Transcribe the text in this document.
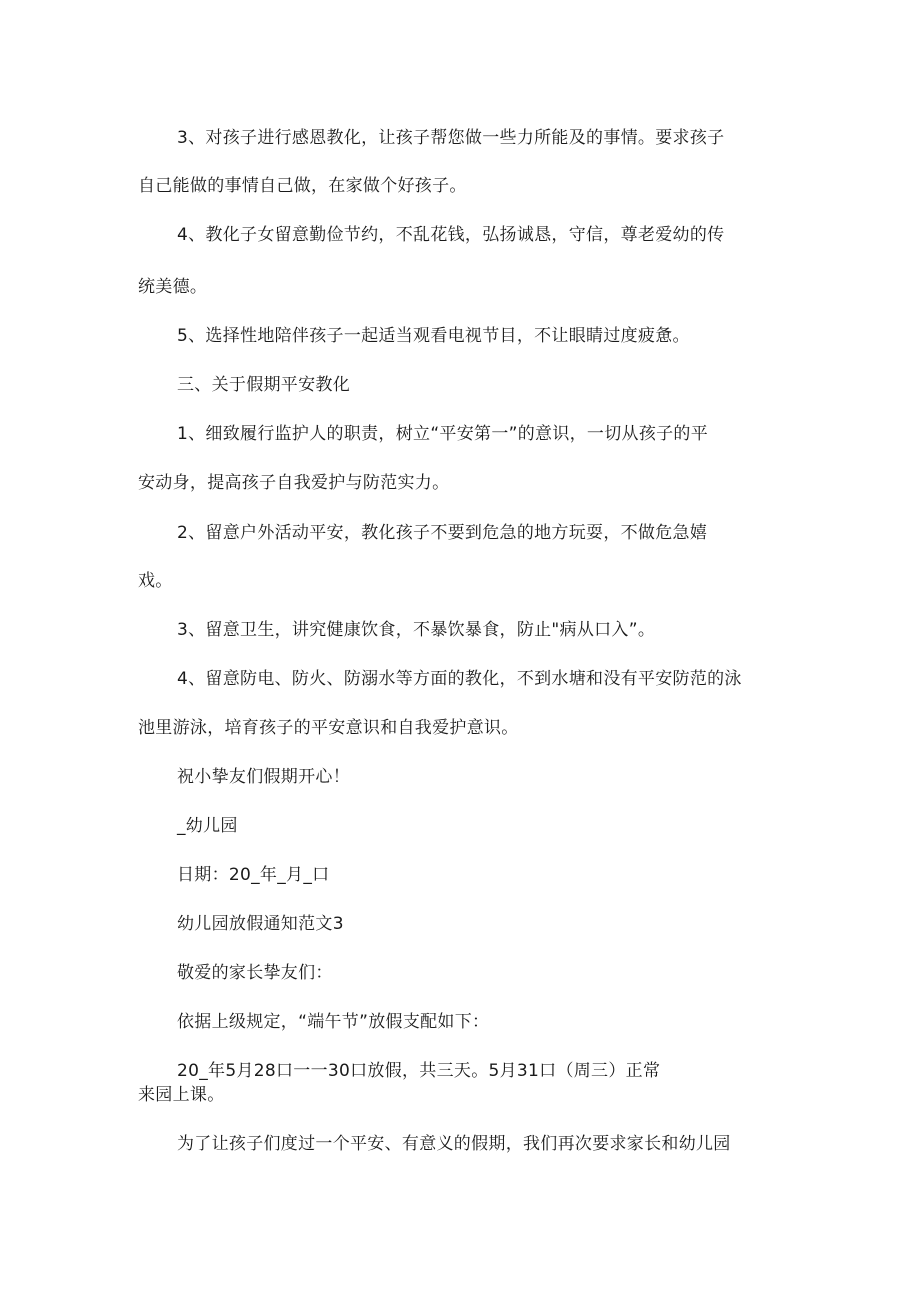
3、对孩子进行感恩教化，让孩子帮您做一些力所能及的事情。要求孩子
自己能做的事情自己做，在家做个好孩子。
4、教化子女留意勤俭节约，不乱花钱，弘扬诚恳，守信，尊老爱幼的传
统美德。
5、选择性地陪伴孩子一起适当观看电视节目，不让眼睛过度疲惫。
三、关于假期平安教化
1、细致履行监护人的职责，树立“平安第一”的意识，一切从孩子的平
安动身，提高孩子自我爱护与防范实力。
2、留意户外活动平安，教化孩子不要到危急的地方玩耍，不做危急嬉
戏。
3、留意卫生，讲究健康饮食，不暴饮暴食，防止"病从口入”。
4、留意防电、防火、防溺水等方面的教化，不到水塘和没有平安防范的泳
池里游泳，培育孩子的平安意识和自我爱护意识。
祝小挚友们假期开心！
_幼儿园
日期：20_年_月_口
幼儿园放假通知范文3
敬爱的家长挚友们：
依据上级规定，“端午节”放假支配如下：
20_年5月28口一一30口放假，共三天。5月31口（周三）正常
来园上课。
为了让孩子们度过一个平安、有意义的假期，我们再次要求家长和幼儿园
